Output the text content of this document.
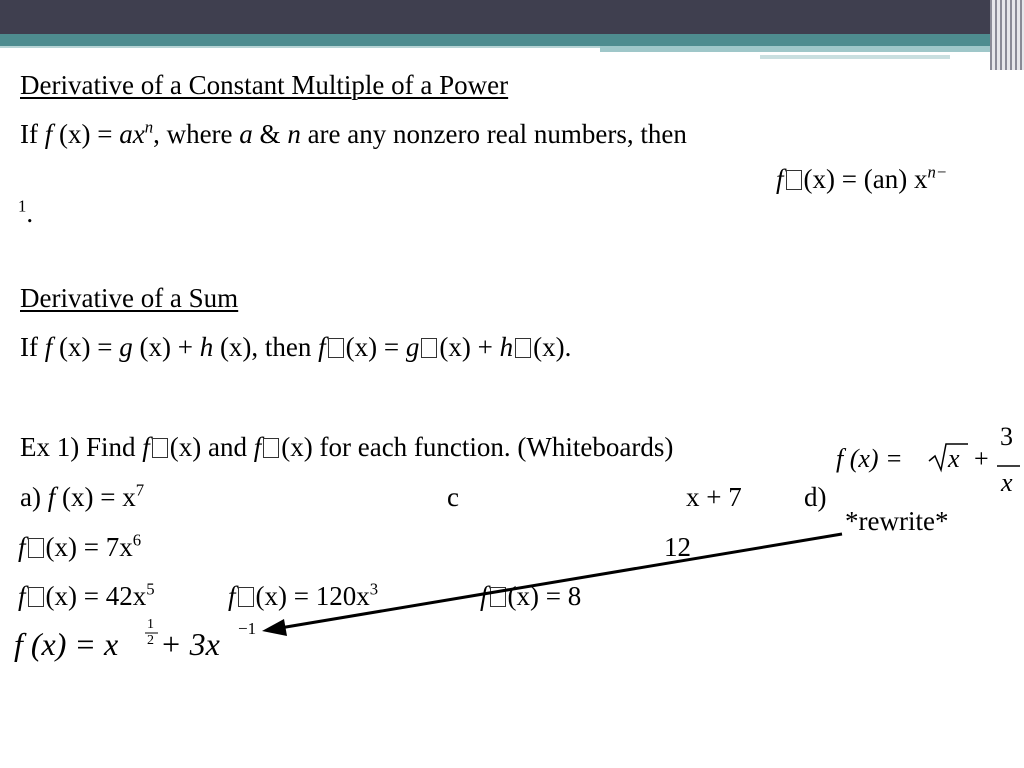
Derivative of a Constant Multiple of a Power
If f $(x) = ax^n$, where a & n are any nonzero real numbers, then
f (x) = (an) $x^{n-}$
$^1$.
Derivative of a Sum
If f (x) = g (x) + h (x), then f (x) = g (x) + h (x).
Ex 1) Find f (x) and f (x) for each function. (Whiteboards)
a) f $(x) = x^7$	c	x + 7 d)
f (x) = x +
3
x
*rewrite*
f $(x) = 7x^6$	12
f $(x) = 42x^5$	f $(x) = 120x^3$	f (x) = 8
f (x) = x
1
2 + 3x −1
